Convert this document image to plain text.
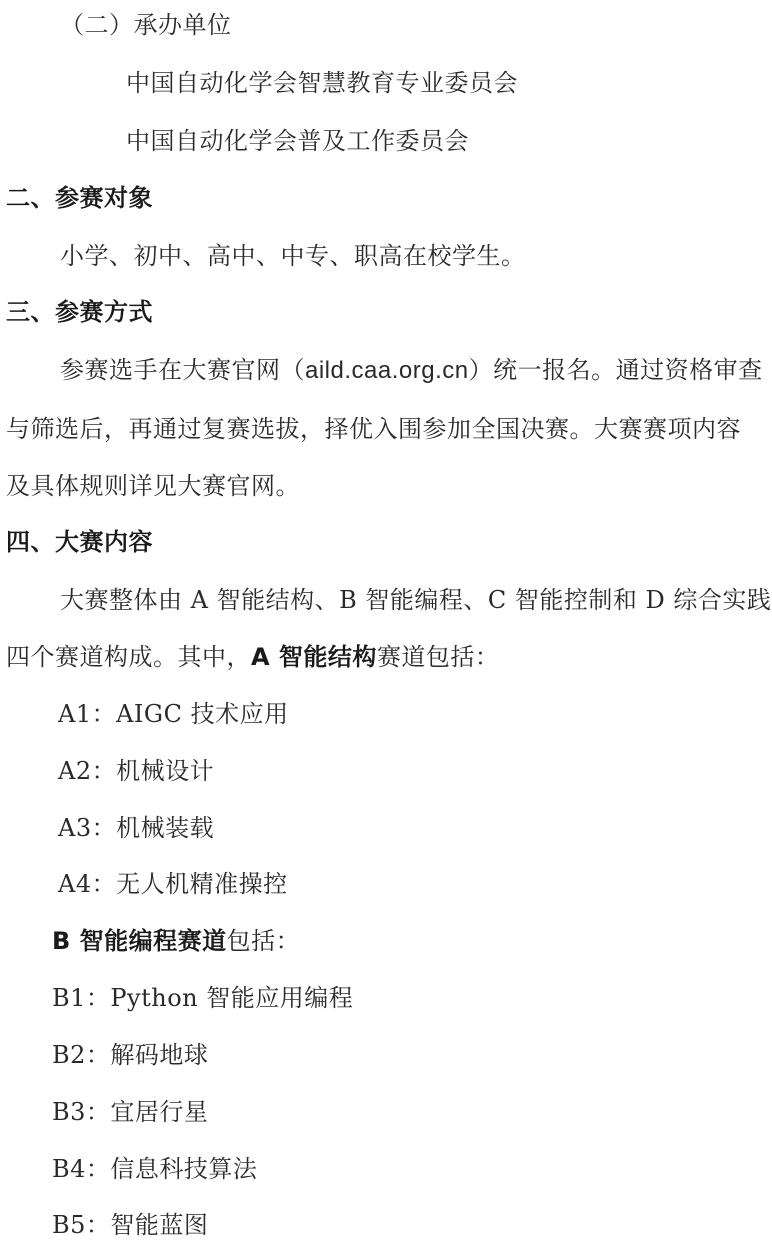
（二）承办单位
中国自动化学会智慧教育专业委员会
中国自动化学会普及工作委员会
二、参赛对象
小学、初中、高中、中专、职高在校学生。
三、参赛方式
参赛选手在大赛官网（aild.caa.org.cn）统一报名。通过资格审查
与筛选后，再通过复赛选拔，择优入围参加全国决赛。大赛赛项内容
及具体规则详见大赛官网。
四、大赛内容
大赛整体由 A 智能结构、B 智能编程、C 智能控制和 D 综合实践
四个赛道构成。其中，A 智能结构赛道包括：
A1：AIGC 技术应用
A2：机械设计
A3：机械装载
A4：无人机精准操控
B 智能编程赛道包括：
B1：Python 智能应用编程
B2：解码地球
B3：宜居行星
B4：信息科技算法
B5：智能蓝图
